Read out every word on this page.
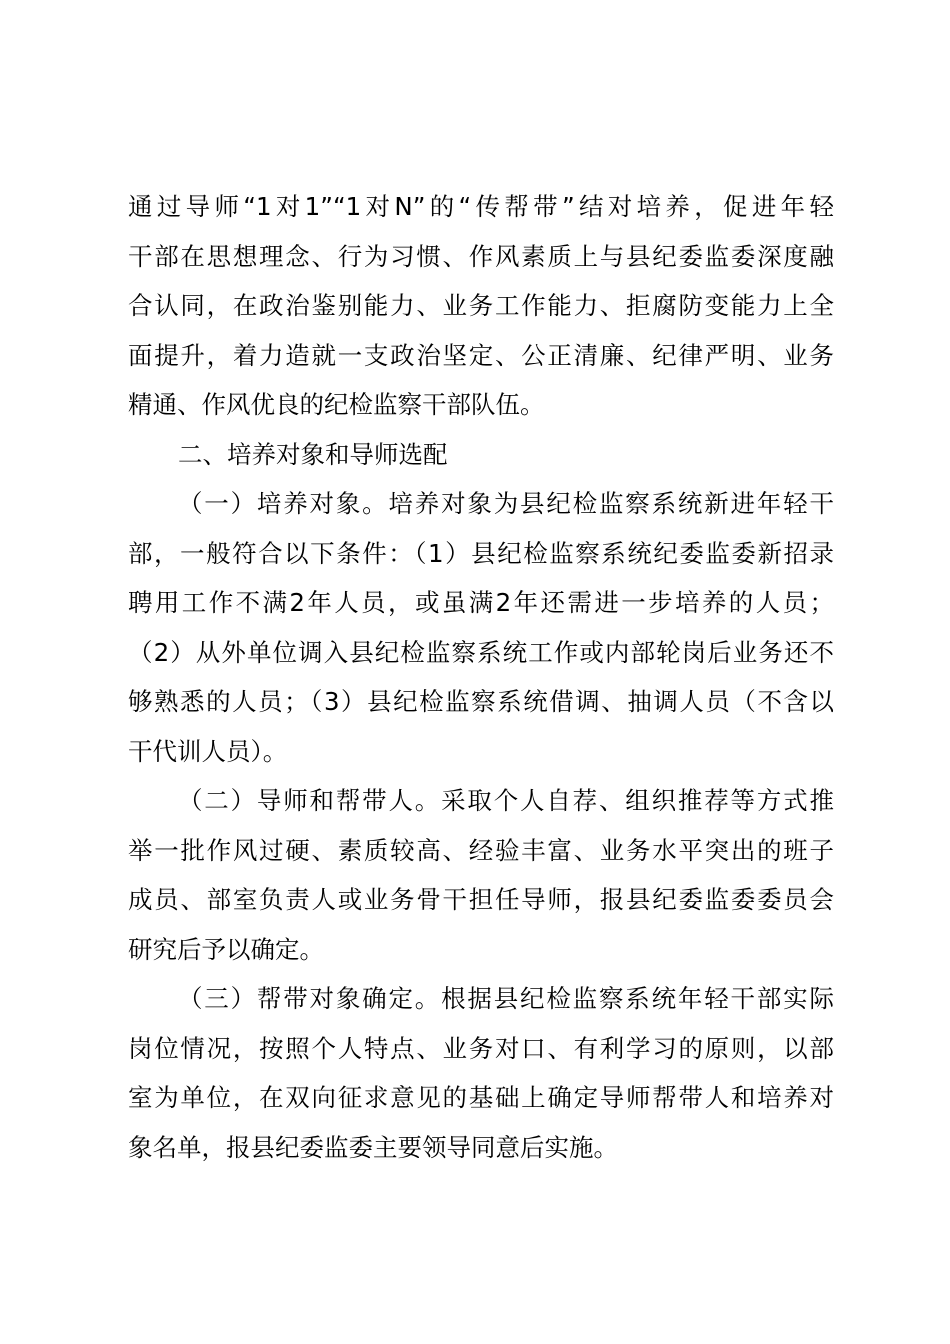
通过导师“1对1”“1对N”的“传帮带”结对培养，促进年轻
干部在思想理念、行为习惯、作风素质上与县纪委监委深度融
合认同，在政治鉴别能力、业务工作能力、拒腐防变能力上全
面提升，着力造就一支政治坚定、公正清廉、纪律严明、业务
精通、作风优良的纪检监察干部队伍。
二、培养对象和导师选配
（一）培养对象。培养对象为县纪检监察系统新进年轻干
部，一般符合以下条件：（1）县纪检监察系统纪委监委新招录
聘用工作不满2年人员，或虽满2年还需进一步培养的人员；
（2）从外单位调入县纪检监察系统工作或内部轮岗后业务还不
够熟悉的人员；（3）县纪检监察系统借调、抽调人员（不含以
干代训人员）。
（二）导师和帮带人。采取个人自荐、组织推荐等方式推
举一批作风过硬、素质较高、经验丰富、业务水平突出的班子
成员、部室负责人或业务骨干担任导师，报县纪委监委委员会
研究后予以确定。
（三）帮带对象确定。根据县纪检监察系统年轻干部实际
岗位情况，按照个人特点、业务对口、有利学习的原则，以部
室为单位，在双向征求意见的基础上确定导师帮带人和培养对
象名单，报县纪委监委主要领导同意后实施。
